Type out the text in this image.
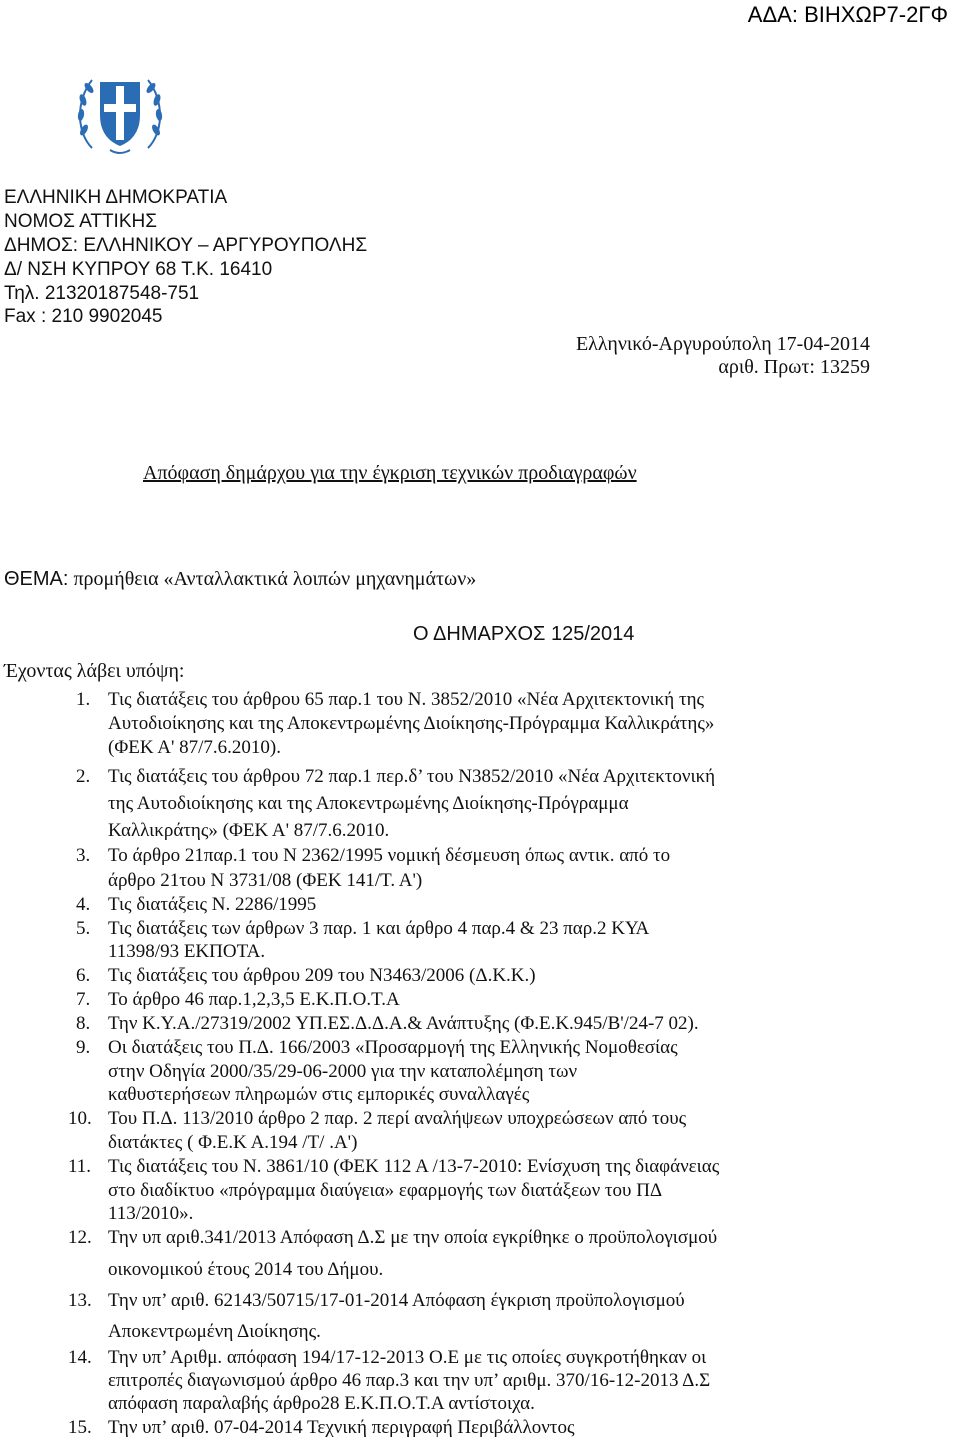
ΑΔΑ: ΒΙΗΧΩΡ7-2ΓΦ
ΕΛΛΗΝΙΚΗ ΔΗΜΟΚΡΑΤΙΑ
ΝΟΜΟΣ ΑΤΤΙΚΗΣ
ΔΗΜΟΣ: ΕΛΛΗΝΙΚΟΥ – ΑΡΓΥΡΟΥΠΟΛΗΣ
Δ/ ΝΣΗ ΚΥΠΡΟΥ 68 Τ.Κ. 16410
Τηλ. 21320187548-751
Fax : 210 9902045
Ελληνικό-Αργυρούπολη 17-04-2014
αριθ. Πρωτ: 13259
Απόφαση δημάρχου για την έγκριση τεχνικών προδιαγραφών
ΘΕΜΑ: προμήθεια «Ανταλλακτικά λοιπών μηχανημάτων»
Ο ΔΗΜΑΡΧΟΣ 125/2014
Έχοντας λάβει υπόψη:
1. Τις διατάξεις του άρθρου 65 παρ.1 του Ν. 3852/2010 «Νέα Αρχιτεκτονική της
Αυτοδιοίκησης και της Αποκεντρωμένης Διοίκησης-Πρόγραμμα Καλλικράτης»
(ΦΕΚ Α' 87/7.6.2010).
2. Τις διατάξεις του άρθρου 72 παρ.1 περ.δ’ του Ν3852/2010 «Νέα Αρχιτεκτονική
της Αυτοδιοίκησης και της Αποκεντρωμένης Διοίκησης-Πρόγραμμα
Καλλικράτης» (ΦΕΚ Α' 87/7.6.2010.
3. Το άρθρο 21παρ.1 του Ν 2362/1995 νομική δέσμευση όπως αντικ. από το
άρθρο 21του Ν 3731/08 (ΦΕΚ 141/Τ. Α')
4. Τις διατάξεις Ν. 2286/1995
5. Τις διατάξεις των άρθρων 3 παρ. 1 και άρθρο 4 παρ.4 & 23 παρ.2 ΚΥΑ
11398/93 ΕΚΠΟΤΑ.
6. Τις διατάξεις του άρθρου 209 του Ν3463/2006 (Δ.Κ.Κ.)
7. Το άρθρο 46 παρ.1,2,3,5 Ε.Κ.Π.Ο.Τ.Α
8. Την Κ.Υ.Α./27319/2002 ΥΠ.ΕΣ.Δ.Δ.Α.& Ανάπτυξης (Φ.Ε.Κ.945/Β'/24-7 02).
9. Οι διατάξεις του Π.Δ. 166/2003 «Προσαρμογή της Ελληνικής Νομοθεσίας
στην Οδηγία 2000/35/29-06-2000 για την καταπολέμηση των
καθυστερήσεων πληρωμών στις εμπορικές συναλλαγές
10. Του Π.Δ. 113/2010 άρθρο 2 παρ. 2 περί αναλήψεων υποχρεώσεων από τους
διατάκτες ( Φ.Ε.Κ Α.194 /Τ/ .Α')
11. Τις διατάξεις του Ν. 3861/10 (ΦΕΚ 112 Α /13-7-2010: Ενίσχυση της διαφάνειας
στο διαδίκτυο «πρόγραμμα διαύγεια» εφαρμογής των διατάξεων του ΠΔ
113/2010».
12. Την υπ αριθ.341/2013 Απόφαση Δ.Σ με την οποία εγκρίθηκε ο προϋπολογισμού
οικονομικού έτους 2014 του Δήμου.
13. Την υπ’ αριθ. 62143/50715/17-01-2014 Απόφαση έγκριση προϋπολογισμού
Αποκεντρωμένη Διοίκησης.
14. Την υπ’ Αριθμ. απόφαση 194/17-12-2013 Ο.Ε με τις οποίες συγκροτήθηκαν οι
επιτροπές διαγωνισμού άρθρο 46 παρ.3 και την υπ’ αριθμ. 370/16-12-2013 Δ.Σ
απόφαση παραλαβής άρθρο28 Ε.Κ.Π.Ο.Τ.Α αντίστοιχα.
15. Την υπ’ αριθ. 07-04-2014 Τεχνική περιγραφή Περιβάλλοντος
